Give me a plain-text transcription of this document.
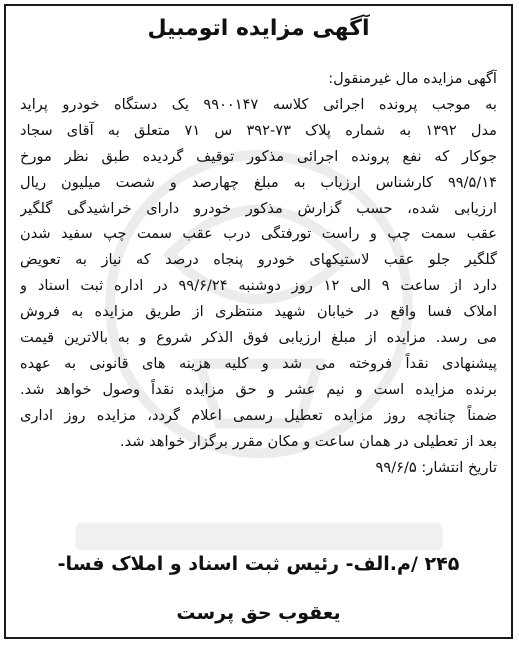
آگهی مزایده اتومبیل
آگهی مزایده مال غیرمنقول:
به موجب پرونده اجرائی کلاسه ۹۹۰۰۱۴۷ یک دستگاه خودرو پراید
مدل ۱۳۹۲ به شماره پلاک ۷۳-۳۹۲ س ۷۱ متعلق به آقای سجاد
جوکار که نفع پرونده اجرائی مذکور توقیف گردیده طبق نظر مورخ
۹۹/۵/۱۴ کارشناس ارزیاب به مبلغ چهارصد و شصت میلیون ریال
ارزیابی شده، حسب گزارش مذکور خودرو دارای خراشیدگی گلگیر
عقب سمت چپ و راست تورفتگی درب عقب سمت چپ سفید شدن
گلگیر جلو عقب لاستیکهای خودرو پنجاه درصد که نیاز به تعویض
دارد از ساعت ۹ الی ۱۲ روز دوشنبه ۹۹/۶/۲۴ در اداره ثبت اسناد و
املاک فسا واقع در خیابان شهید منتظری از طریق مزایده به فروش
می رسد. مزایده از مبلغ ارزیابی فوق الذکر شروع و به بالاترین قیمت
پیشنهادی نقداً فروخته می شد و کلیه هزینه های قانونی به عهده
برنده مزایده است و نیم عشر و حق مزایده نقداً وصول خواهد شد.
ضمناً چنانچه روز مزایده تعطیل رسمی اعلام گردد، مزایده روز اداری
بعد از تعطیلی در همان ساعت و مکان مقرر برگزار خواهد شد.
تاریخ انتشار: ۹۹/۶/۵
۲۴۵ /م.الف- رئیس ثبت اسناد و املاک فسا-
یعقوب حق پرست
